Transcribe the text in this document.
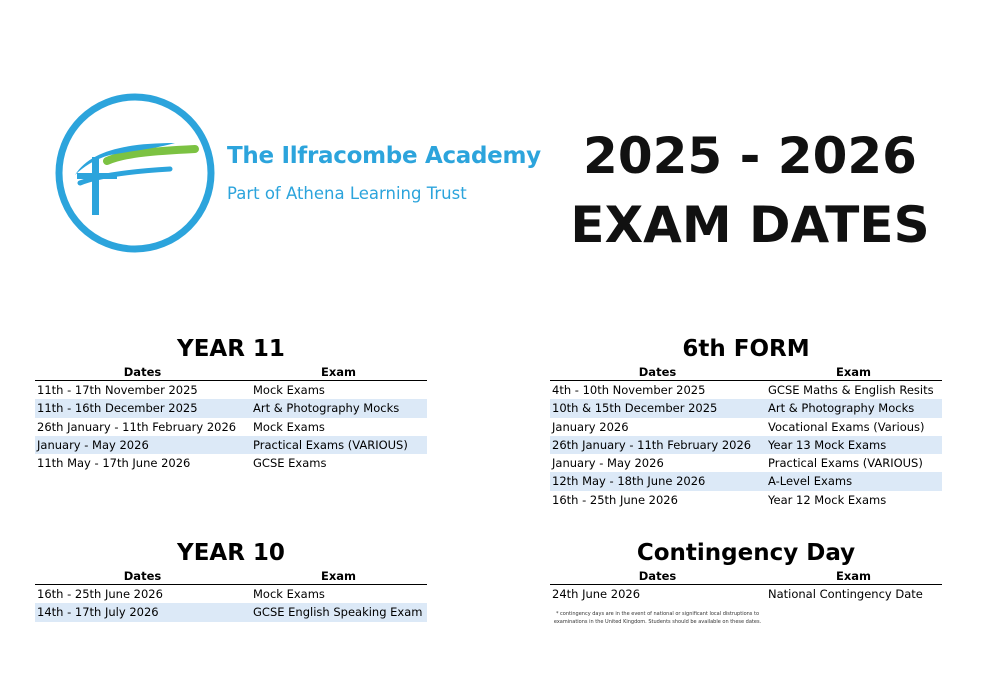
The Ilfracombe Academy
Part of Athena Learning Trust
2025 - 2026
EXAM DATES
YEAR 11
Dates	Exam
11th - 17th November 2025	Mock Exams
11th - 16th December 2025	Art & Photography Mocks
26th January - 11th February 2026	Mock Exams
January - May 2026	Practical Exams (VARIOUS)
11th May - 17th June 2026	GCSE Exams
6th FORM
Dates	Exam
4th - 10th November 2025	GCSE Maths & English Resits
10th & 15th December 2025	Art & Photography Mocks
January 2026	Vocational Exams (Various)
26th January - 11th February 2026	Year 13 Mock Exams
January - May 2026	Practical Exams (VARIOUS)
12th May - 18th June 2026	A-Level Exams
16th - 25th June 2026	Year 12 Mock Exams
YEAR 10
Dates	Exam
16th - 25th June 2026	Mock Exams
14th - 17th July 2026	GCSE English Speaking Exam
Contingency Day
Dates	Exam
24th June 2026	National Contingency Date
* contingency days are in the event of national or significant local distruptions to examinations in the United Kingdom. Students should be available on these dates.
